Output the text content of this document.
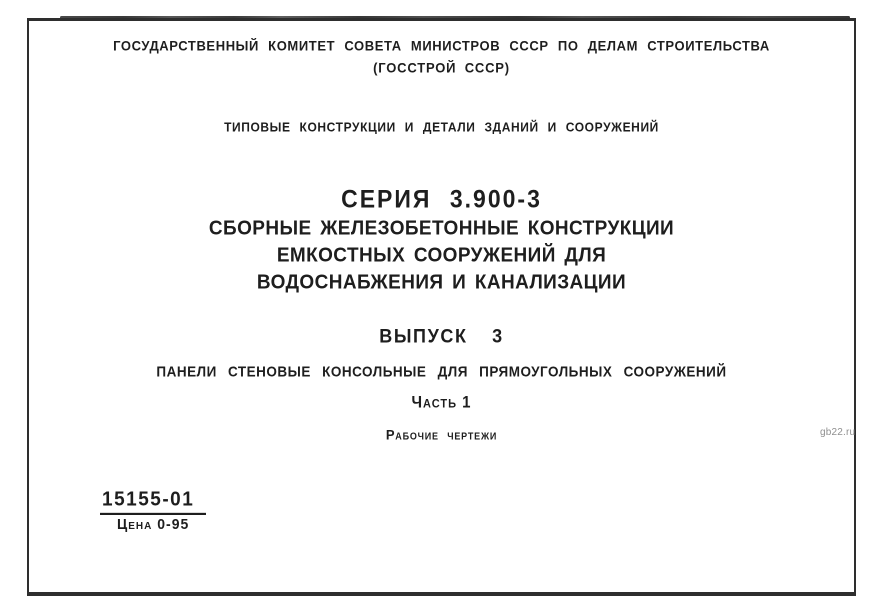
ГОСУДАРСТВЕННЫЙ КОМИТЕТ СОВЕТА МИНИСТРОВ СССР ПО ДЕЛАМ СТРОИТЕЛЬСТВА
(ГОССТРОЙ СССР)
ТИПОВЫЕ КОНСТРУКЦИИ И ДЕТАЛИ ЗДАНИЙ И СООРУЖЕНИЙ
СЕРИЯ 3.900-3
СБОРНЫЕ ЖЕЛЕЗОБЕТОННЫЕ КОНСТРУКЦИИ
ЕМКОСТНЫХ СООРУЖЕНИЙ ДЛЯ
ВОДОСНАБЖЕНИЯ И КАНАЛИЗАЦИИ
ВЫПУСК 3
ПАНЕЛИ СТЕНОВЫЕ КОНСОЛЬНЫЕ ДЛЯ ПРЯМОУГОЛЬНЫХ СООРУЖЕНИЙ
Часть 1
Рабочие чертежи
15155-01
Цена 0-95
gb22.ru
